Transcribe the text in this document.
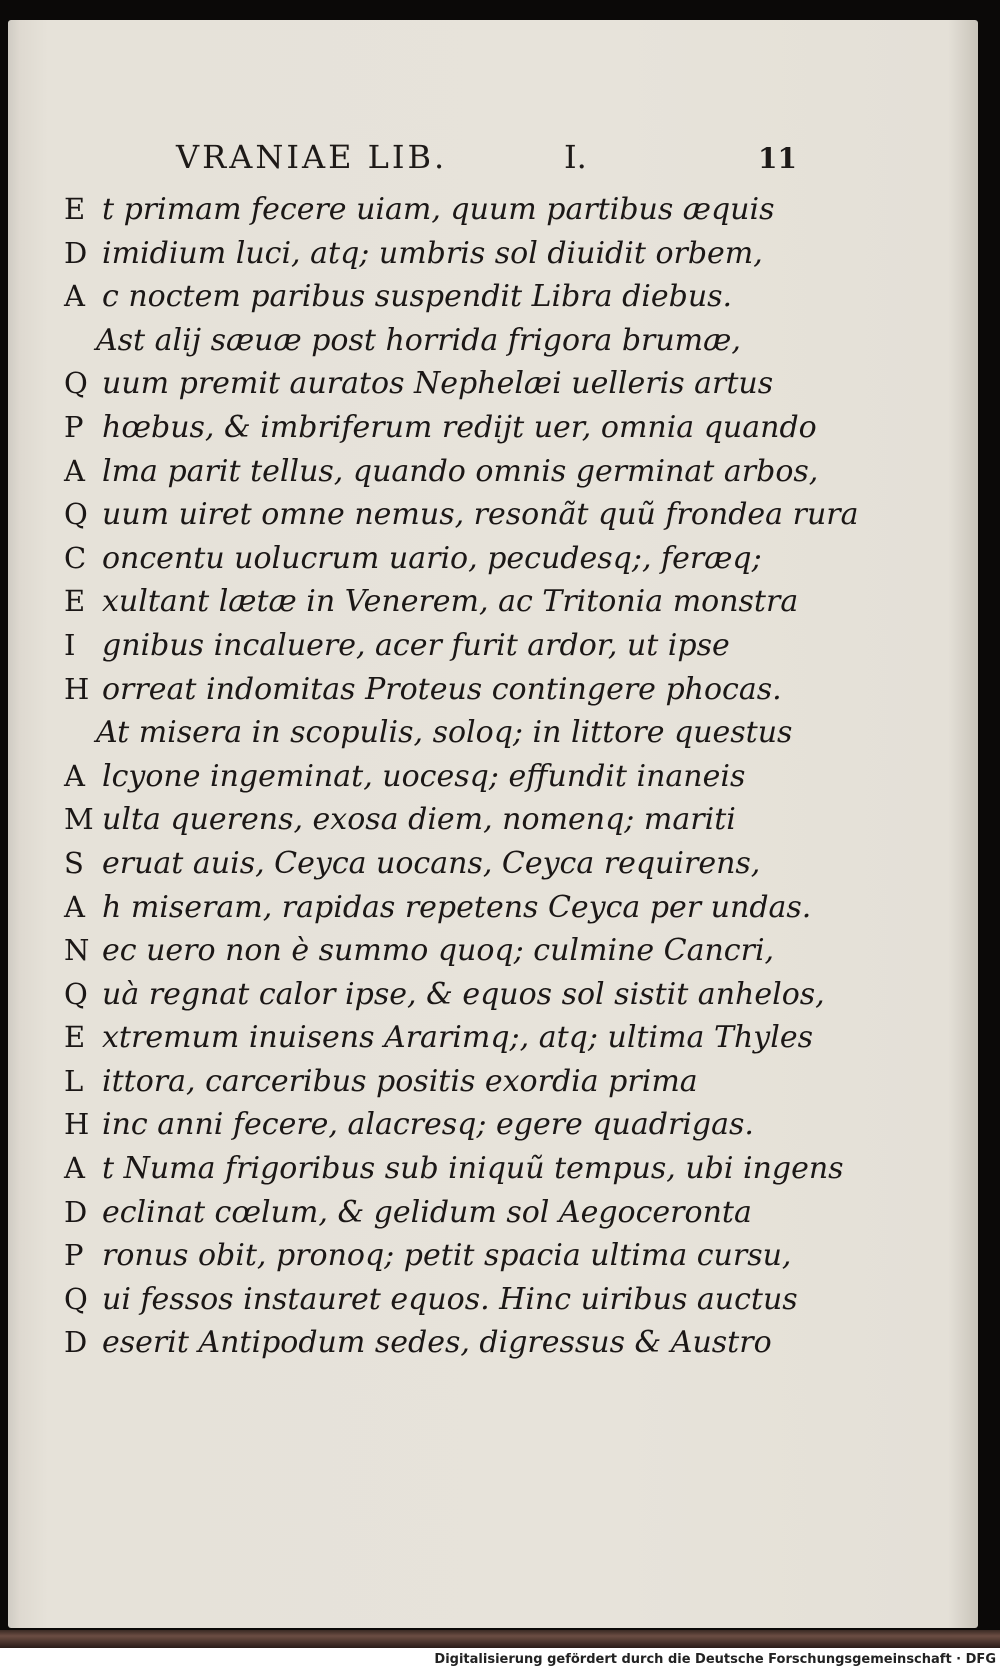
VRANIAE LIB.	I.	11
E t primam fecere uiam, quum partibus æquis
D imidium luci, atq; umbris sol diuidit orbem,
A c noctem paribus suspendit Libra diebus.
Ast alij sæuæ post horrida frigora brumæ,
Q uum premit auratos Nephelæi uelleris artus
P hœbus, & imbriferum redijt uer, omnia quando
A lma parit tellus, quando omnis germinat arbos,
Q uum uiret omne nemus, resonãt quũ frondea rura
C oncentu uolucrum uario, pecudesq;, feræq;
E xultant lætæ in Venerem, ac Tritonia monstra
I gnibus incaluere, acer furit ardor, ut ipse
H orreat indomitas Proteus contingere phocas.
At misera in scopulis, soloq; in littore questus
A lcyone ingeminat, uocesq; effundit inaneis
M ulta querens, exosa diem, nomenq; mariti
S eruat auis, Ceyca uocans, Ceyca requirens,
A h miseram, rapidas repetens Ceyca per undas.
N ec uero non è summo quoq; culmine Cancri,
Q uà regnat calor ipse, & equos sol sistit anhelos,
E xtremum inuisens Ararimq;, atq; ultima Thyles
L ittora, carceribus positis exordia prima
H inc anni fecere, alacresq; egere quadrigas.
A t Numa frigoribus sub iniquũ tempus, ubi ingens
D eclinat cœlum, & gelidum sol Aegocerontа
P ronus obit, pronoq; petit spacia ultima cursu,
Q ui fessos instauret equos. Hinc uiribus auctus
D eserit Antipodum sedes, digressus & Austro
Digitalisierung gefördert durch die Deutsche Forschungsgemeinschaft · DFG
